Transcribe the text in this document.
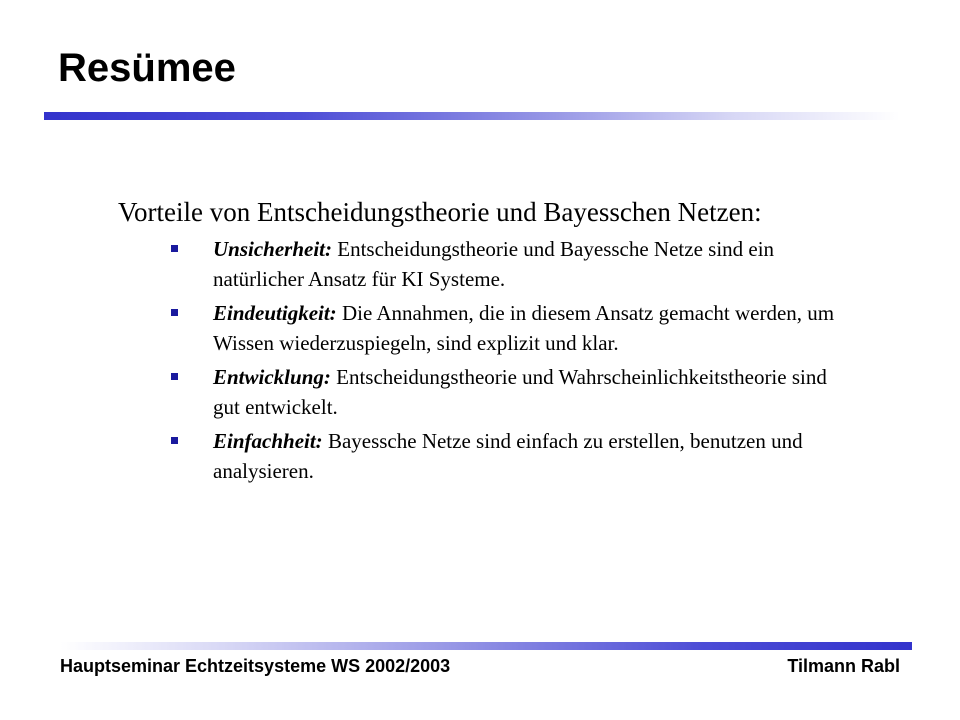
Resümee

Vorteile von Entscheidungstheorie und Bayesschen Netzen:

Unsicherheit: Entscheidungstheorie und Bayessche Netze sind ein natürlicher Ansatz für KI Systeme.
Eindeutigkeit: Die Annahmen, die in diesem Ansatz gemacht werden, um Wissen wiederzuspiegeln, sind explizit und klar.
Entwicklung: Entscheidungstheorie und Wahrscheinlichkeitstheorie sind gut entwickelt.
Einfachheit: Bayessche Netze sind einfach zu erstellen, benutzen und analysieren.
Hauptseminar Echtzeitsysteme WS 2002/2003	Tilmann Rabl
